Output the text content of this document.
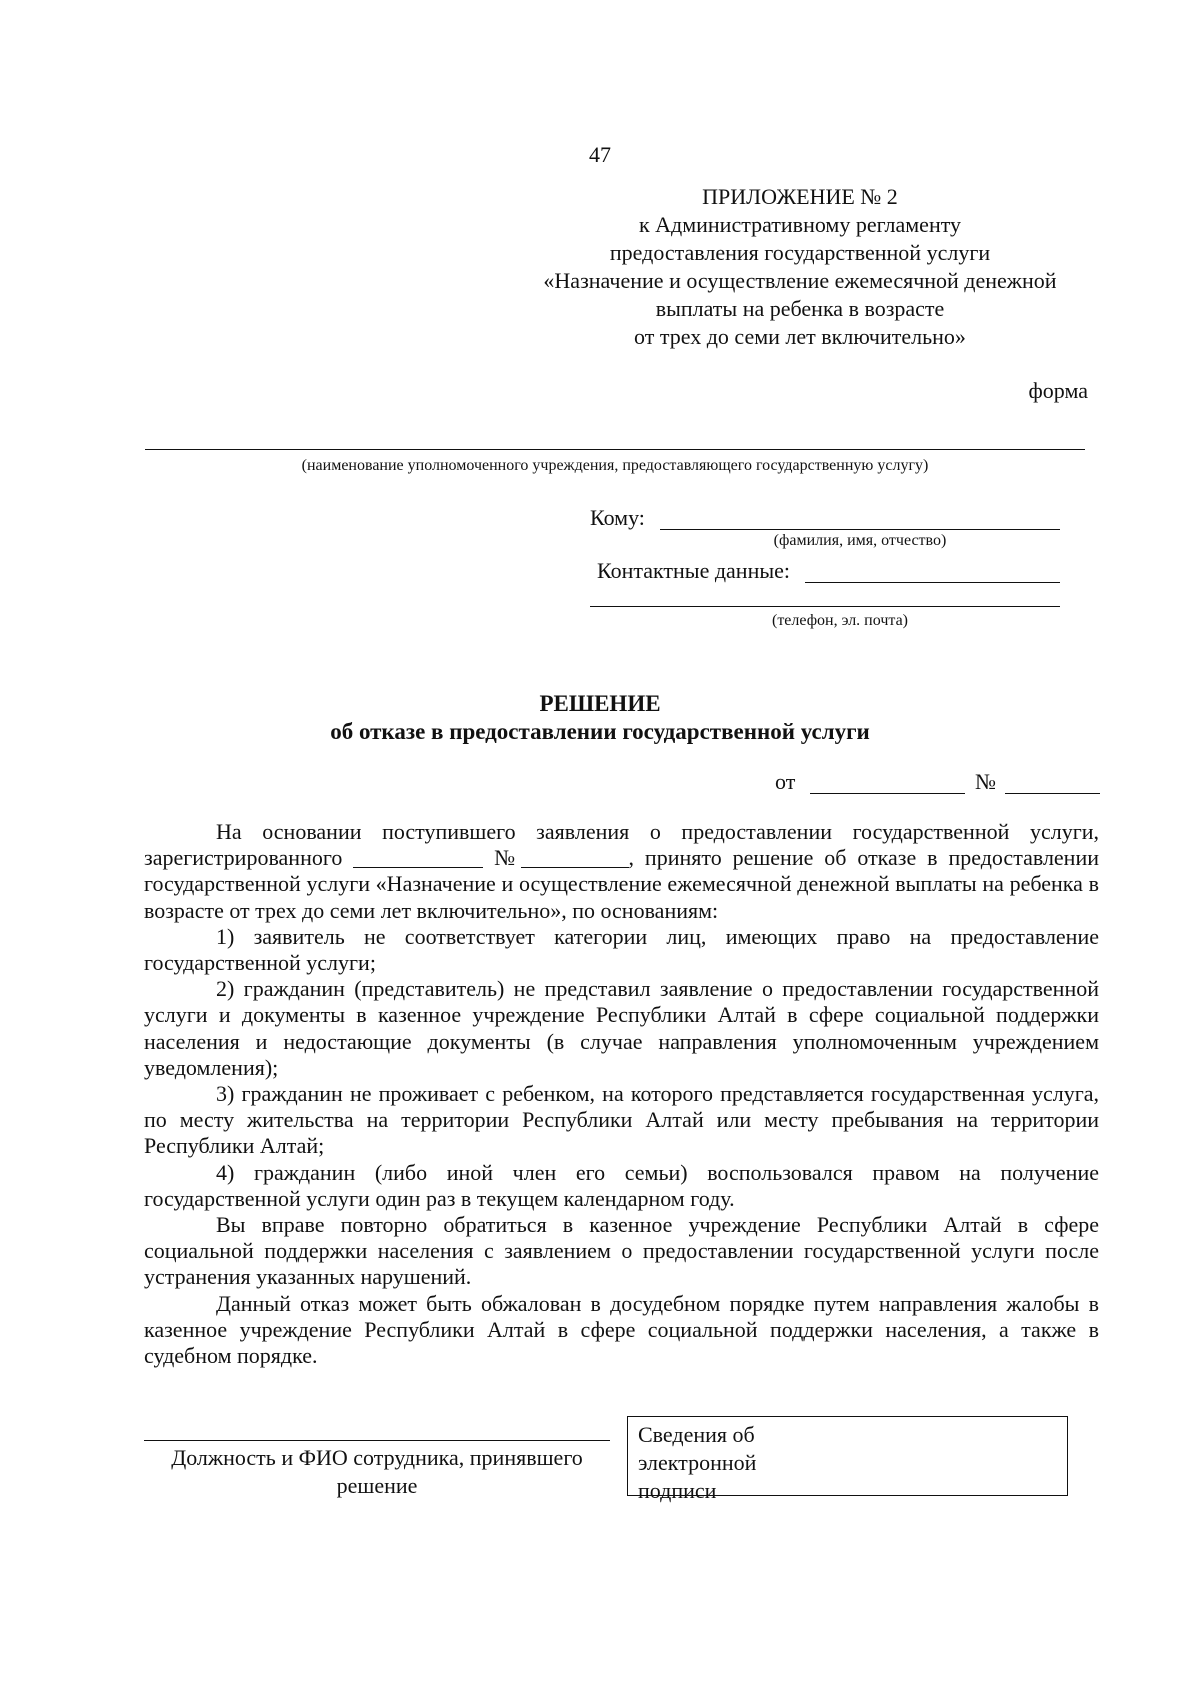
47
ПРИЛОЖЕНИЕ № 2
к Административному регламенту
предоставления государственной услуги
«Назначение и осуществление ежемесячной денежной
выплаты на ребенка в возрасте
от трех до семи лет включительно»
форма
(наименование уполномоченного учреждения, предоставляющего государственную услугу)
Кому:
(фамилия, имя, отчество)
Контактные данные:
(телефон, эл. почта)
РЕШЕНИЕ
об отказе в предоставлении государственной услуги
от	№

На основании поступившего заявления о предоставлении государственной услуги, зарегистрированного	№	, принято решение об отказе в предоставлении государственной услуги «Назначение и осуществление ежемесячной денежной выплаты на ребенка в возрасте от трех до семи лет включительно», по основаниям:

1) заявитель не соответствует категории лиц, имеющих право на предоставление государственной услуги;

2) гражданин (представитель) не представил заявление о предоставлении государственной услуги и документы в казенное учреждение Республики Алтай в сфере социальной поддержки населения и недостающие документы (в случае направления уполномоченным учреждением уведомления);

3) гражданин не проживает с ребенком, на которого представляется государственная услуга, по месту жительства на территории Республики Алтай или месту пребывания на территории Республики Алтай;

4) гражданин (либо иной член его семьи) воспользовался правом на получение государственной услуги один раз в текущем календарном году.

Вы вправе повторно обратиться в казенное учреждение Республики Алтай в сфере социальной поддержки населения с заявлением о предоставлении государственной услуги после устранения указанных нарушений.

Данный отказ может быть обжалован в досудебном порядке путем направления жалобы в казенное учреждение Республики Алтай в сфере социальной поддержки населения, а также в судебном порядке.

Должность и ФИО сотрудника, принявшего решение
Сведения об электронной подписи
